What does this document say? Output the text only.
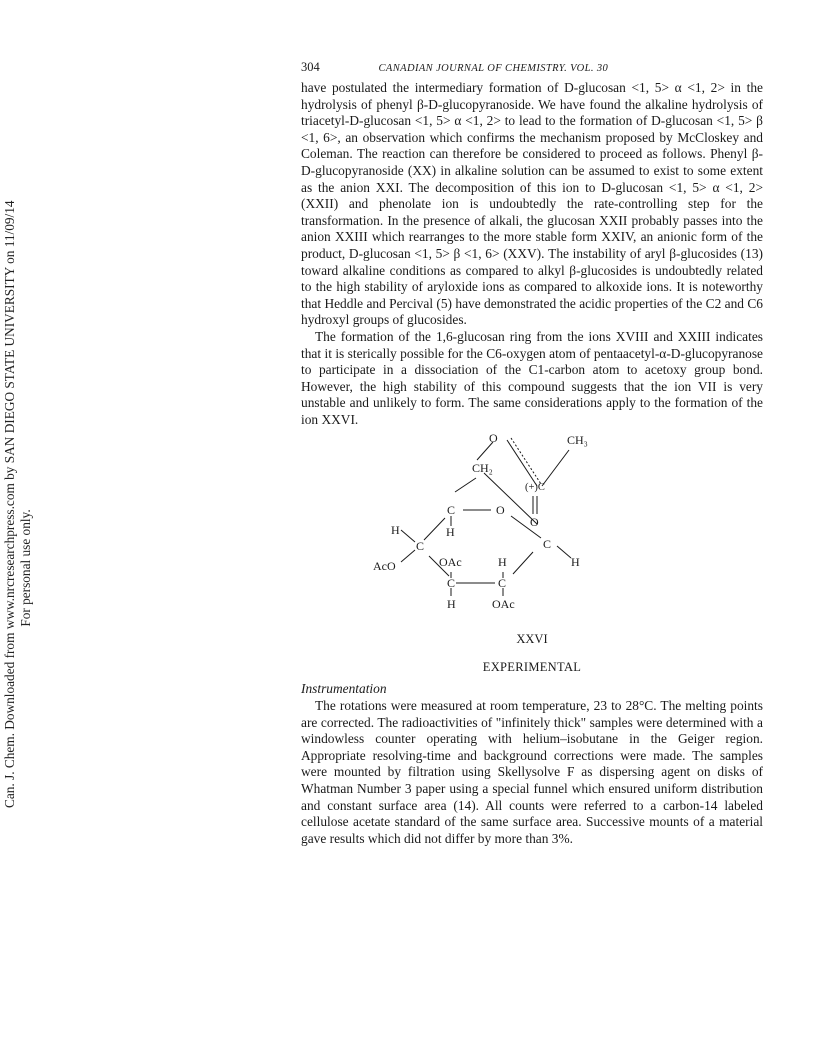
Can. J. Chem. Downloaded from www.nrcresearchpress.com by SAN DIEGO STATE UNIVERSITY on 11/09/14 For personal use only.
304	CANADIAN JOURNAL OF CHEMISTRY. VOL. 30

have postulated the intermediary formation of D-glucosan <1, 5> α <1, 2> in the hydrolysis of phenyl β-D-glucopyranoside. We have found the alkaline hydrolysis of triacetyl-D-glucosan <1, 5> α <1, 2> to lead to the formation of D-glucosan <1, 5> β <1, 6>, an observation which confirms the mechanism proposed by McCloskey and Coleman. The reaction can therefore be considered to proceed as follows. Phenyl β-D-glucopyranoside (XX) in alkaline solution can be assumed to exist to some extent as the anion XXI. The decomposition of this ion to D-glucosan <1, 5> α <1, 2> (XXII) and phenolate ion is undoubtedly the rate-controlling step for the transformation. In the presence of alkali, the glucosan XXII probably passes into the anion XXIII which rearranges to the more stable form XXIV, an anionic form of the product, D-glucosan <1, 5> β <1, 6> (XXV). The instability of aryl β-glucosides (13) toward alkaline conditions as compared to alkyl β-glucosides is undoubtedly related to the high stability of aryloxide ions as compared to alkoxide ions. It is noteworthy that Heddle and Percival (5) have demonstrated the acidic properties of the C2 and C6 hydroxyl groups of glucosides.

The formation of the 1,6-glucosan ring from the ions XVIII and XXIII indicates that it is sterically possible for the C6-oxygen atom of pentaacetyl-α-D-glucopyranose to participate in a dissociation of the C1-carbon atom to acetoxy group bond. However, the high stability of this compound suggests that the ion VII is very unstable and unlikely to form. The same considerations apply to the formation of the ion XXVI.

O	CH₃
CH₂
(+)C
C	O
O
H
H
C	C
AcO	OAc	H	H
C	C
H	OAc
XXVI
EXPERIMENTAL

Instrumentation

The rotations were measured at room temperature, 23 to 28°C. The melting points are corrected. The radioactivities of "infinitely thick" samples were determined with a windowless counter operating with helium–isobutane in the Geiger region. Appropriate resolving-time and background corrections were made. The samples were mounted by filtration using Skellysolve F as dispersing agent on disks of Whatman Number 3 paper using a special funnel which ensured uniform distribution and constant surface area (14). All counts were referred to a carbon-14 labeled cellulose acetate standard of the same surface area. Successive mounts of a material gave results which did not differ by more than 3%.
